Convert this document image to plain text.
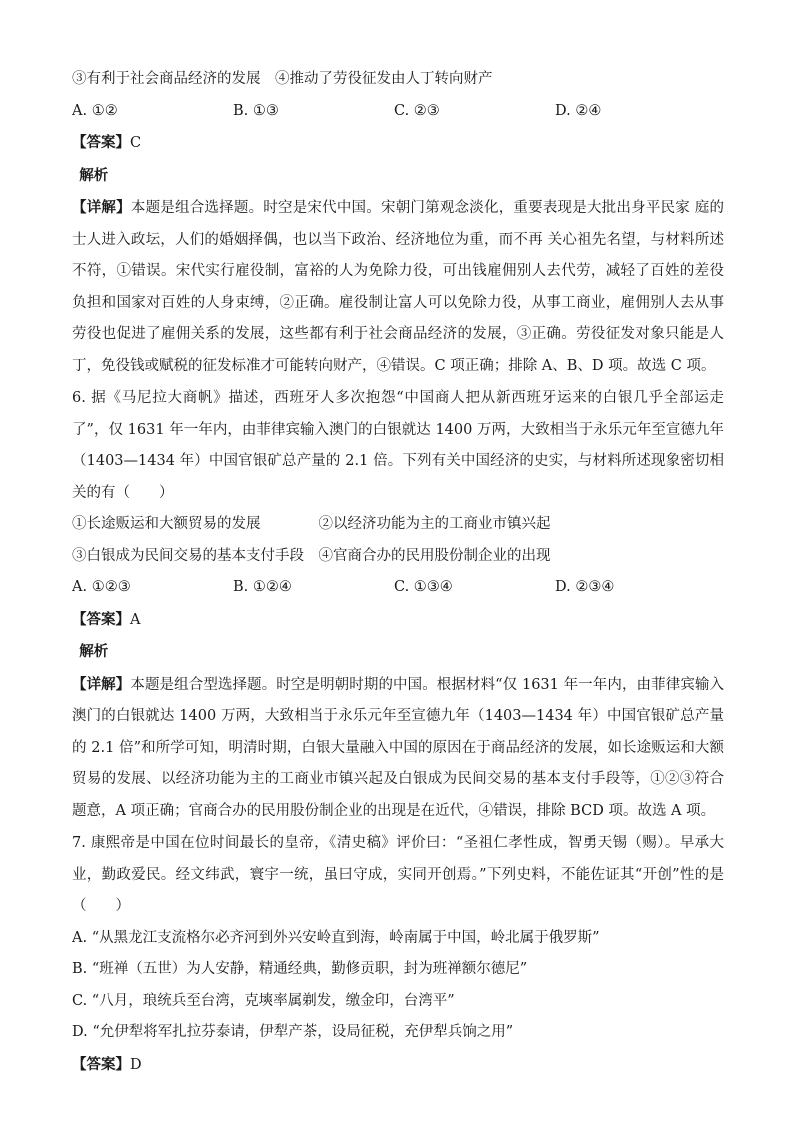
③有利于社会商品经济的发展　④推动了劳役征发由人丁转向财产
A. ①②	B. ①③	C. ②③	D. ②④
【答案】C
 解析
【详解】本题是组合选择题。时空是宋代中国。宋朝门第观念淡化，重要表现是大批出身平民家 庭的士人进入政坛，人们的婚姻择偶，也以当下政治、经济地位为重，而不再 关心祖先名望，与材料所述不符，①错误。宋代实行雇役制，富裕的人为免除力役，可出钱雇佣别人去代劳，减轻了百姓的差役负担和国家对百姓的人身束缚，②正确。雇役制让富人可以免除力役，从事工商业，雇佣别人去从事劳役也促进了雇佣关系的发展，这些都有利于社会商品经济的发展，③正确。劳役征发对象只能是人丁，免役钱或赋税的征发标准才可能转向财产，④错误。C 项正确；排除 A、B、D 项。故选 C 项。
6. 据《马尼拉大商帆》描述，西班牙人多次抱怨“中国商人把从新西班牙运来的白银几乎全部运走了”，仅 1631 年一年内，由菲律宾输入澳门的白银就达 1400 万两，大致相当于永乐元年至宣德九年（1403—1434 年）中国官银矿总产量的 2.1 倍。下列有关中国经济的史实，与材料所述现象密切相关的有（　　）
①长途贩运和大额贸易的发展　　　　②以经济功能为主的工商业市镇兴起
③白银成为民间交易的基本支付手段　④官商合办的民用股份制企业的出现
A. ①②③	B. ①②④	C. ①③④	D. ②③④
【答案】A
 解析
【详解】本题是组合型选择题。时空是明朝时期的中国。根据材料“仅 1631 年一年内，由菲律宾输入澳门的白银就达 1400 万两，大致相当于永乐元年至宣德九年（1403—1434 年）中国官银矿总产量的 2.1 倍”和所学可知，明清时期，白银大量融入中国的原因在于商品经济的发展，如长途贩运和大额贸易的发展、以经济功能为主的工商业市镇兴起及白银成为民间交易的基本支付手段等，①②③符合题意，A 项正确；官商合办的民用股份制企业的出现是在近代，④错误，排除 BCD 项。故选 A 项。
7. 康熙帝是中国在位时间最长的皇帝，《清史稿》评价曰：“圣祖仁孝性成，智勇天锡（赐）。早承大业，勤政爱民。经文纬武，寰宇一统，虽曰守成，实同开创焉。”下列史料，不能佐证其“开创”性的是（　　）
A. “从黑龙江支流格尔必齐河到外兴安岭直到海，岭南属于中国，岭北属于俄罗斯”
B. “班禅（五世）为人安静，精通经典，勤修贡职，封为班禅额尔德尼”
C. “八月，琅统兵至台湾，克塽率属剃发，缴金印，台湾平”
D. “允伊犁将军扎拉芬泰请，伊犁产茶，设局征税，充伊犁兵饷之用”
【答案】D
